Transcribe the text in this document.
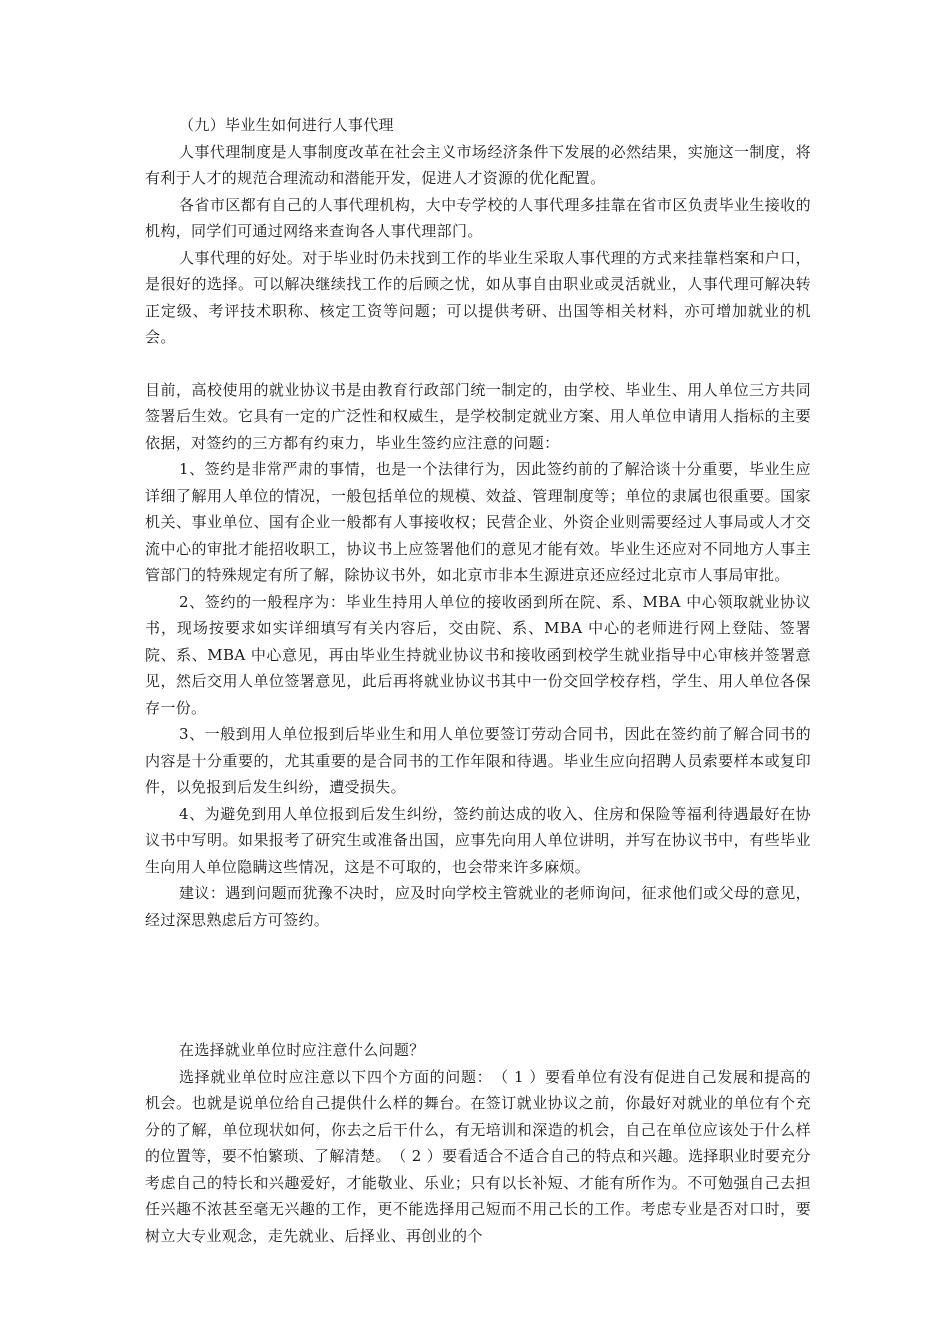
（九）毕业生如何进行人事代理

人事代理制度是人事制度改革在社会主义市场经济条件下发展的必然结果，实施这一制度，将有利于人才的规范合理流动和潜能开发，促进人才资源的优化配置。

各省市区都有自己的人事代理机构，大中专学校的人事代理多挂靠在省市区负责毕业生接收的机构，同学们可通过网络来查询各人事代理部门。

人事代理的好处。对于毕业时仍未找到工作的毕业生采取人事代理的方式来挂靠档案和户口，是很好的选择。可以解决继续找工作的后顾之忧，如从事自由职业或灵活就业，人事代理可解决转正定级、考评技术职称、核定工资等问题；可以提供考研、出国等相关材料，亦可增加就业的机会。

目前，高校使用的就业协议书是由教育行政部门统一制定的，由学校、毕业生、用人单位三方共同签署后生效。它具有一定的广泛性和权威生，是学校制定就业方案、用人单位申请用人指标的主要依据，对签约的三方都有约束力，毕业生签约应注意的问题：

1、签约是非常严肃的事情，也是一个法律行为，因此签约前的了解洽谈十分重要，毕业生应详细了解用人单位的情况，一般包括单位的规模、效益、管理制度等；单位的隶属也很重要。国家机关、事业单位、国有企业一般都有人事接收权；民营企业、外资企业则需要经过人事局或人才交流中心的审批才能招收职工，协议书上应签署他们的意见才能有效。毕业生还应对不同地方人事主管部门的特殊规定有所了解，除协议书外，如北京市非本生源进京还应经过北京市人事局审批。

2、签约的一般程序为：毕业生持用人单位的接收函到所在院、系、MBA 中心领取就业协议书，现场按要求如实详细填写有关内容后，交由院、系、MBA 中心的老师进行网上登陆、签署院、系、MBA 中心意见，再由毕业生持就业协议书和接收函到校学生就业指导中心审核并签署意见，然后交用人单位签署意见，此后再将就业协议书其中一份交回学校存档，学生、用人单位各保存一份。

3、一般到用人单位报到后毕业生和用人单位要签订劳动合同书，因此在签约前了解合同书的内容是十分重要的，尤其重要的是合同书的工作年限和待遇。毕业生应向招聘人员索要样本或复印件，以免报到后发生纠纷，遭受损失。

4、为避免到用人单位报到后发生纠纷，签约前达成的收入、住房和保险等福利待遇最好在协议书中写明。如果报考了研究生或准备出国，应事先向用人单位讲明，并写在协议书中，有些毕业生向用人单位隐瞒这些情况，这是不可取的，也会带来许多麻烦。

建议：遇到问题而犹豫不决时，应及时向学校主管就业的老师询问，征求他们或父母的意见，经过深思熟虑后方可签约。

在选择就业单位时应注意什么问题？

选择就业单位时应注意以下四个方面的问题：　（ 1 ）要看单位有没有促进自己发展和提高的机会。也就是说单位给自己提供什么样的舞台。在签订就业协议之前，你最好对就业的单位有个充分的了解，单位现状如何，你去之后干什么，有无培训和深造的机会，自己在单位应该处于什么样的位置等，要不怕繁琐、了解清楚。　（ 2 ）要看适合不适合自己的特点和兴趣。选择职业时要充分考虑自己的特长和兴趣爱好，才能敬业、乐业；只有以长补短、才能有所作为。不可勉强自己去担任兴趣不浓甚至毫无兴趣的工作，更不能选择用己短而不用己长的工作。考虑专业是否对口时，要树立大专业观念，走先就业、后择业、再创业的个
